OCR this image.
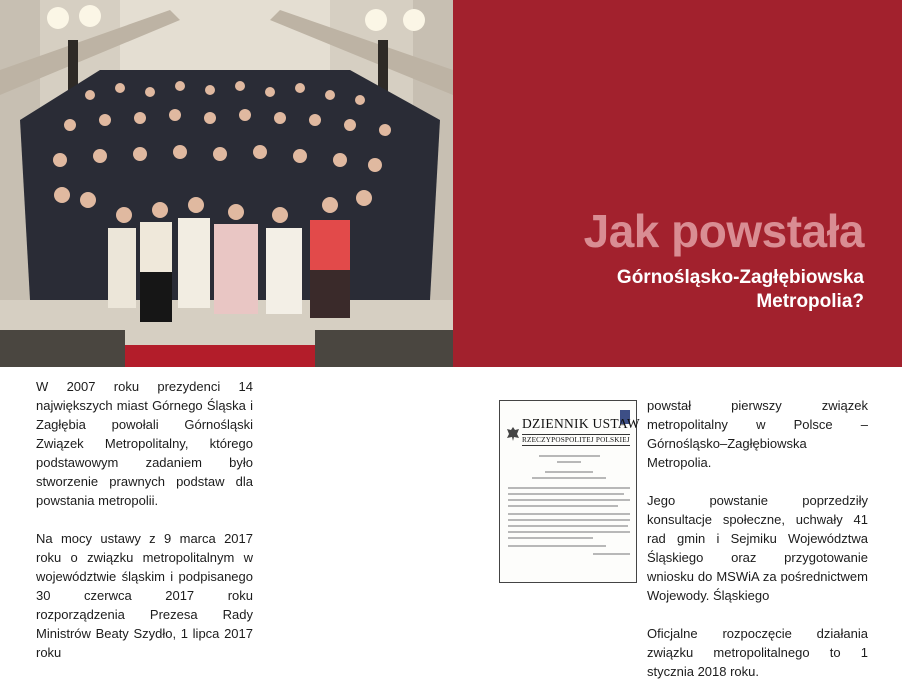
Jak powstała
Górnośląsko-Zagłębiowska
Metropolia?

W 2007 roku prezydenci 14 największych miast Górnego Śląska i Zagłębia powołali Górnośląski Związek Metropolitalny, którego podstawowym zadaniem było stworzenie prawnych podstaw dla powstania metropolii.

Na mocy ustawy z 9 marca 2017 roku o związku metropolitalnym w województwie śląskim i podpisanego 30 czerwca 2017 roku rozporządzenia Prezesa Rady Ministrów Beaty Szydło, 1 lipca 2017 roku

DZIENNIK USTAW
RZECZYPOSPOLITEJ POLSKIEJ

powstał pierwszy związek metropolitalny w Polsce – Górnośląsko–Zagłębiowska Metropolia.

Jego powstanie poprzedziły konsultacje społeczne, uchwały 41 rad gmin i Sejmiku Województwa Śląskiego oraz przygotowanie wniosku do MSWiA za pośrednictwem Wojewody. Śląskiego

Oficjalne rozpoczęcie działania związku metropolitalnego to 1 stycznia 2018 roku.
